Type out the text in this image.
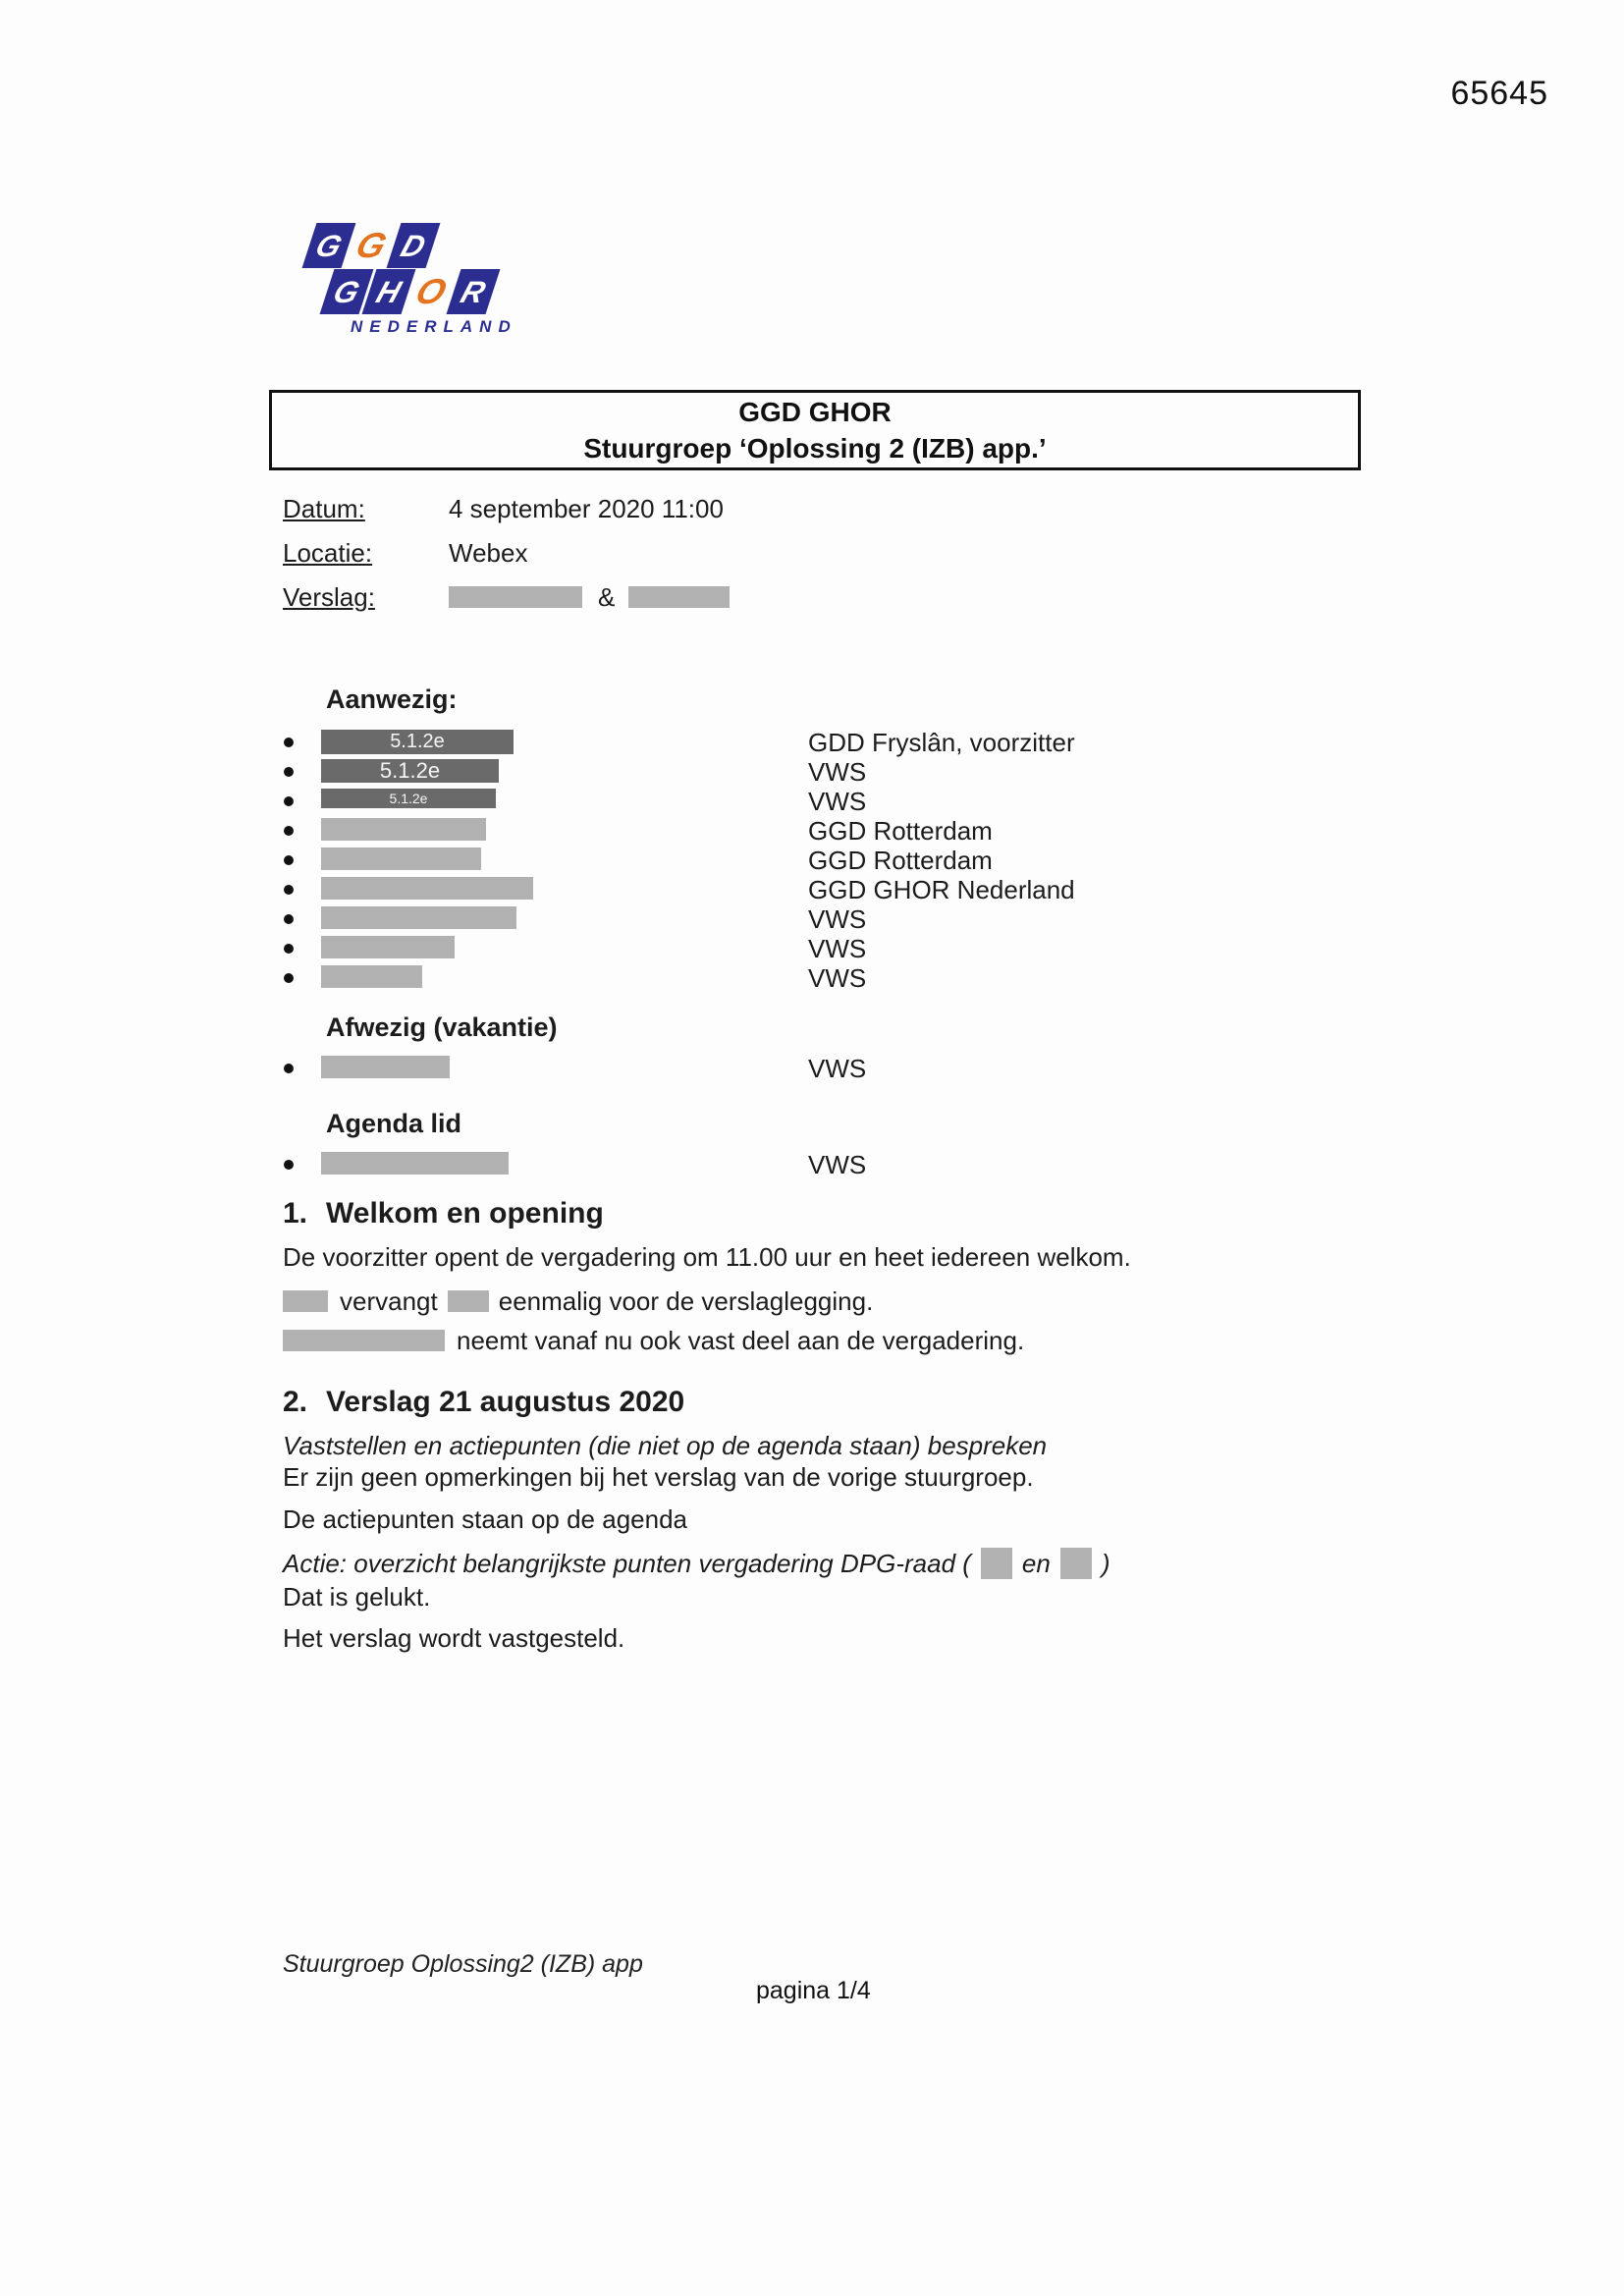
65645
G G D
G H O R
NEDERLAND
GGD GHOR
Stuurgroep ‘Oplossing 2 (IZB) app.’
Datum:	4 september 2020 11:00
Locatie:	Webex
Verslag:	&
Aanwezig:
5.1.2e	GDD Fryslân, voorzitter
5.1.2e	VWS
5.1.2e	VWS
GGD Rotterdam
GGD Rotterdam
GGD GHOR Nederland
VWS
VWS
VWS
Afwezig (vakantie)
VWS
Agenda lid
VWS
1. Welkom en opening
De voorzitter opent de vergadering om 11.00 uur en heet iedereen welkom.
vervangt eenmalig voor de verslaglegging.
neemt vanaf nu ook vast deel aan de vergadering.
2. Verslag 21 augustus 2020
Vaststellen en actiepunten (die niet op de agenda staan) bespreken
Er zijn geen opmerkingen bij het verslag van de vorige stuurgroep.
De actiepunten staan op de agenda
Actie: overzicht belangrijkste punten vergadering DPG-raad ( en )
Dat is gelukt.
Het verslag wordt vastgesteld.
Stuurgroep Oplossing2 (IZB) app
pagina 1/4
